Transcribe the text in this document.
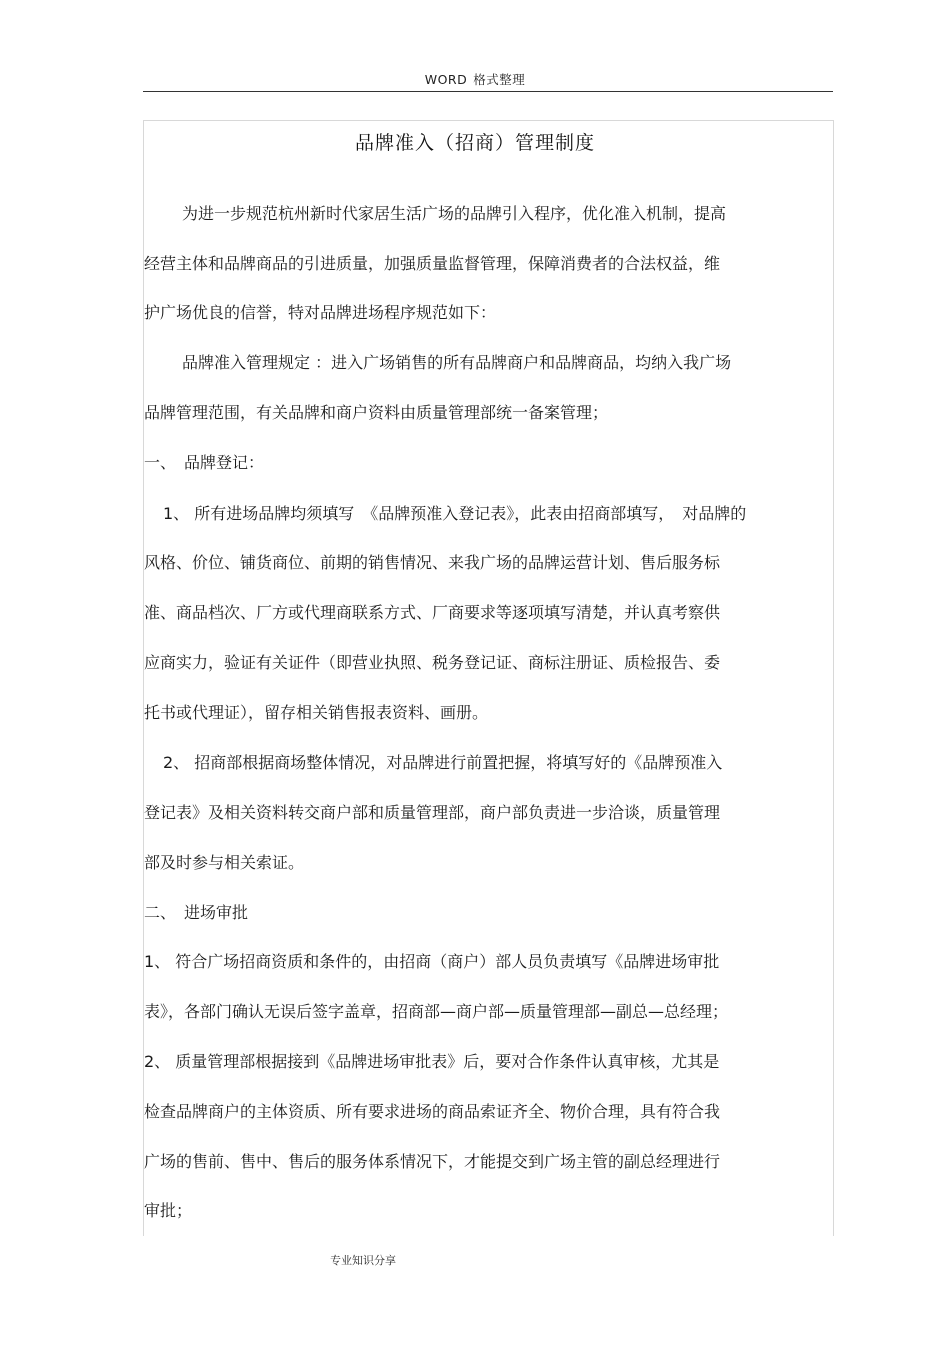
WORD 格式整理
品牌准入（招商）管理制度
为进一步规范杭州新时代家居生活广场的品牌引入程序，优化准入机制，提高
经营主体和品牌商品的引进质量，加强质量监督管理，保障消费者的合法权益，维
护广场优良的信誉，特对品牌进场程序规范如下：
品牌准入管理规定 ：进入广场销售的所有品牌商户和品牌商品，均纳入我广场
品牌管理范围，有关品牌和商户资料由质量管理部统一备案管理；
一、　品牌登记：
1、 所有进场品牌均须填写　《品牌预准入登记表》，此表由招商部填写，　对品牌的
风格、价位、铺货商位、前期的销售情况、来我广场的品牌运营计划、售后服务标
准、商品档次、厂方或代理商联系方式、厂商要求等逐项填写清楚，并认真考察供
应商实力，验证有关证件（即营业执照、税务登记证、商标注册证、质检报告、委
托书或代理证），留存相关销售报表资料、画册。
2、 招商部根据商场整体情况，对品牌进行前置把握，将填写好的《品牌预准入
登记表》及相关资料转交商户部和质量管理部，商户部负责进一步洽谈，质量管理
部及时参与相关索证。
二、　进场审批
1、 符合广场招商资质和条件的，由招商（商户）部人员负责填写《品牌进场审批
表》，各部门确认无误后签字盖章，招商部—商户部—质量管理部—副总—总经理；
2、 质量管理部根据接到《品牌进场审批表》后，要对合作条件认真审核，尤其是
检查品牌商户的主体资质、所有要求进场的商品索证齐全、物价合理，具有符合我
广场的售前、售中、售后的服务体系情况下，才能提交到广场主管的副总经理进行
审批；
专业知识分享
